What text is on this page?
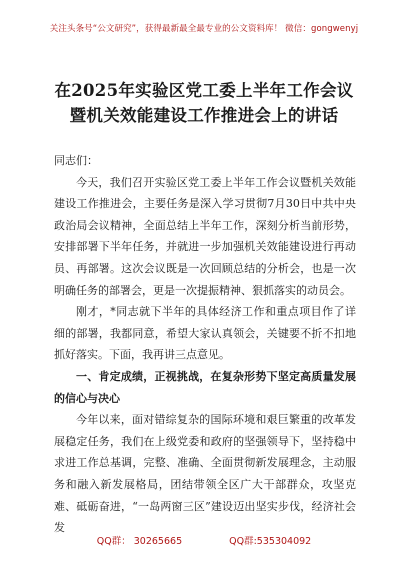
关注头条号“公文研究”，获得最新最全最专业的公文资料库！ 微信：gongwenyj
在2025年实验区党工委上半年工作会议
暨机关效能建设工作推进会上的讲话

同志们：

今天，我们召开实验区党工委上半年工作会议暨机关效能建设工作推进会，主要任务是深入学习贯彻7月30日中共中央政治局会议精神，全面总结上半年工作，深刻分析当前形势，安排部署下半年任务，并就进一步加强机关效能建设进行再动员、再部署。这次会议既是一次回顾总结的分析会，也是一次明确任务的部署会，更是一次提振精神、狠抓落实的动员会。

刚才，*同志就下半年的具体经济工作和重点项目作了详细的部署，我都同意，希望大家认真领会，关键要不折不扣地抓好落实。下面，我再讲三点意见。

一、肯定成绩，正视挑战，在复杂形势下坚定高质量发展的信心与决心

今年以来，面对错综复杂的国际环境和艰巨繁重的改革发展稳定任务，我们在上级党委和政府的坚强领导下，坚持稳中求进工作总基调，完整、准确、全面贯彻新发展理念，主动服务和融入新发展格局，团结带领全区广大干部群众，攻坚克难、砥砺奋进，“一岛两窗三区”建设迈出坚实步伐，经济社会发

QQ群： 30265665	QQ群:535304092
